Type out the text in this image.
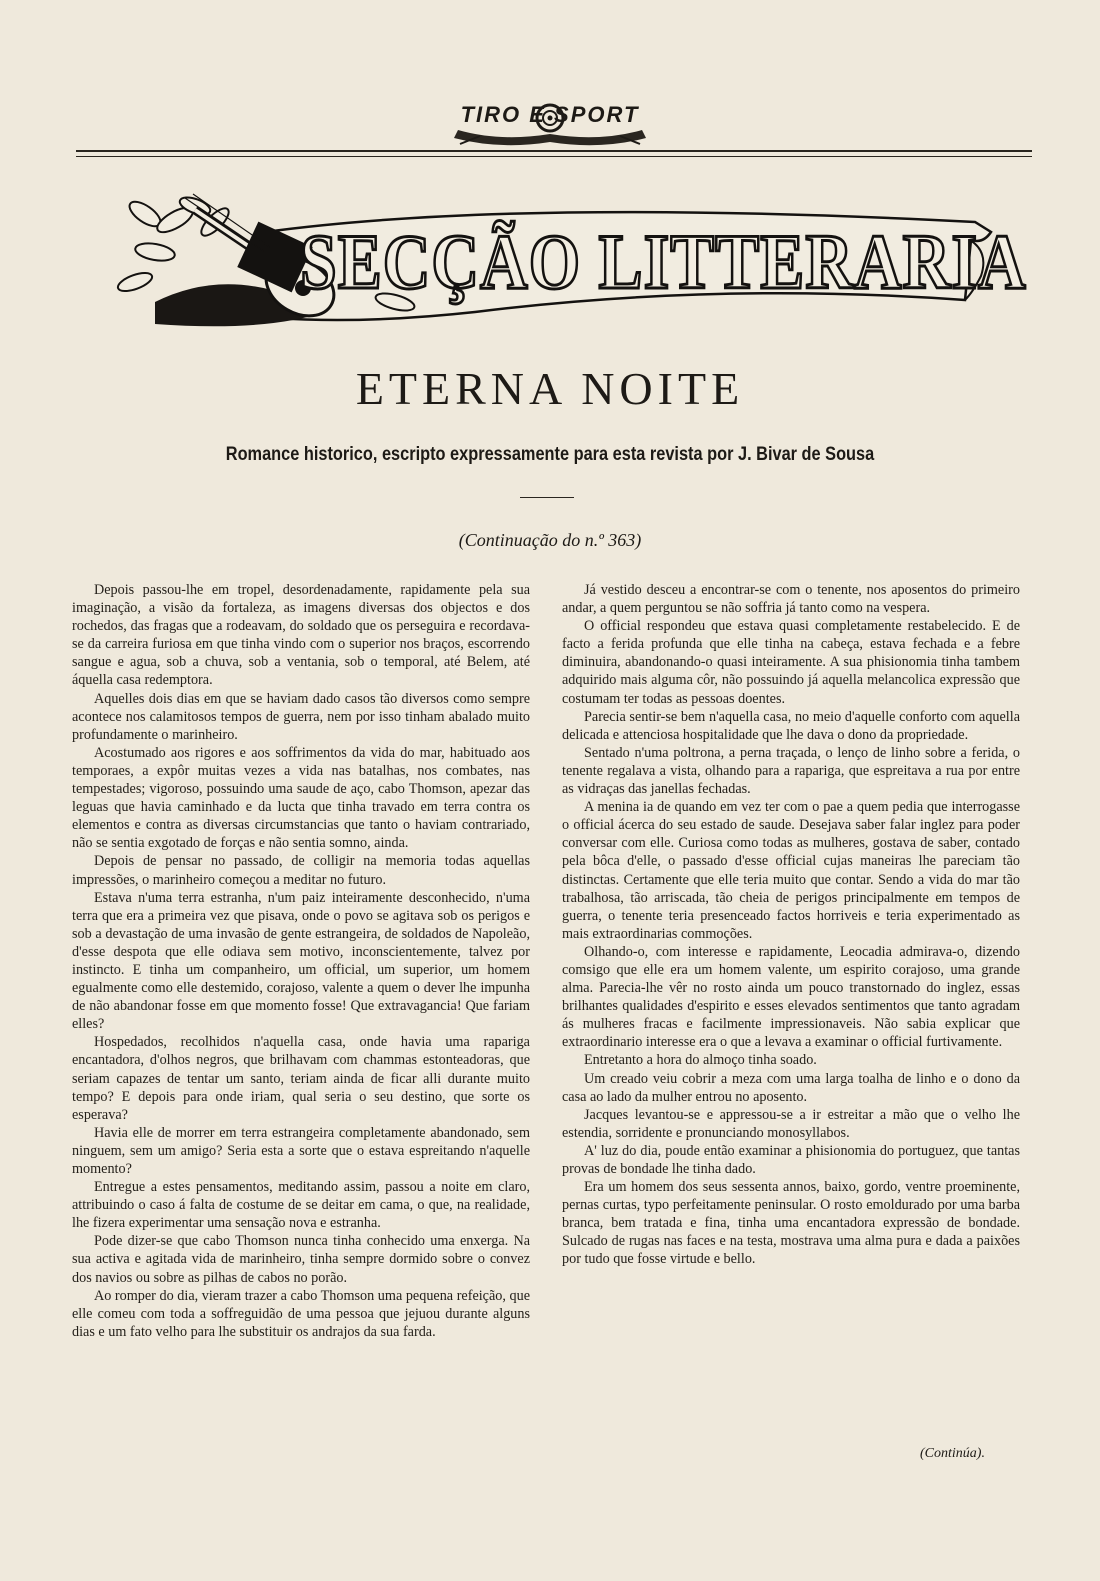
TIRO E SPORT
SECÇÃO LITTERARIA
ETERNA NOITE
Romance historico, escripto expressamente para esta revista por J. Bivar de Sousa
(Continuação do n.º 363)

Depois passou-lhe em tropel, desordenadamente, rapidamente pela sua imaginação, a visão da fortaleza, as imagens diversas dos objectos e dos rochedos, das fragas que a rodeavam, do soldado que os perseguira e recordava-se da carreira furiosa em que tinha vindo com o superior nos braços, escorrendo sangue e agua, sob a chuva, sob a ventania, sob o temporal, até Belem, até áquella casa redemptora.

Aquelles dois dias em que se haviam dado casos tão diversos como sempre acontece nos calamitosos tempos de guerra, nem por isso tinham abalado muito profundamente o marinheiro.

Acostumado aos rigores e aos soffrimentos da vida do mar, habituado aos temporaes, a expôr muitas vezes a vida nas batalhas, nos combates, nas tempestades; vigoroso, possuindo uma saude de aço, cabo Thomson, apezar das leguas que havia caminhado e da lucta que tinha travado em terra contra os elementos e contra as diversas circumstancias que tanto o haviam contrariado, não se sentia exgotado de forças e não sentia somno, ainda.

Depois de pensar no passado, de colligir na memoria todas aquellas impressões, o marinheiro começou a meditar no futuro.

Estava n'uma terra estranha, n'um paiz inteiramente desconhecido, n'uma terra que era a primeira vez que pisava, onde o povo se agitava sob os perigos e sob a devastação de uma invasão de gente estrangeira, de soldados de Napoleão, d'esse despota que elle odiava sem motivo, inconscientemente, talvez por instincto. E tinha um companheiro, um official, um superior, um homem egualmente como elle destemido, corajoso, valente a quem o dever lhe impunha de não abandonar fosse em que momento fosse! Que extravagancia! Que fariam elles?

Hospedados, recolhidos n'aquella casa, onde havia uma rapariga encantadora, d'olhos negros, que brilhavam com chammas estonteadoras, que seriam capazes de tentar um santo, teriam ainda de ficar alli durante muito tempo? E depois para onde iriam, qual seria o seu destino, que sorte os esperava?

Havia elle de morrer em terra estrangeira completamente abandonado, sem ninguem, sem um amigo? Seria esta a sorte que o estava espreitando n'aquelle momento?

Entregue a estes pensamentos, meditando assim, passou a noite em claro, attribuindo o caso á falta de costume de se deitar em cama, o que, na realidade, lhe fizera experimentar uma sensação nova e estranha.

Pode dizer-se que cabo Thomson nunca tinha conhecido uma enxerga. Na sua activa e agitada vida de marinheiro, tinha sempre dormido sobre o convez dos navios ou sobre as pilhas de cabos no porão.

Ao romper do dia, vieram trazer a cabo Thomson uma pequena refeição, que elle comeu com toda a soffreguidão de uma pessoa que jejuou durante alguns dias e um fato velho para lhe substituir os andrajos da sua farda.

Já vestido desceu a encontrar-se com o tenente, nos aposentos do primeiro andar, a quem perguntou se não soffria já tanto como na vespera.

O official respondeu que estava quasi completamente restabelecido. E de facto a ferida profunda que elle tinha na cabeça, estava fechada e a febre diminuira, abandonando-o quasi inteiramente. A sua phisionomia tinha tambem adquirido mais alguma côr, não possuindo já aquella melancolica expressão que costumam ter todas as pessoas doentes.

Parecia sentir-se bem n'aquella casa, no meio d'aquelle conforto com aquella delicada e attenciosa hospitalidade que lhe dava o dono da propriedade.

Sentado n'uma poltrona, a perna traçada, o lenço de linho sobre a ferida, o tenente regalava a vista, olhando para a rapariga, que espreitava a rua por entre as vidraças das janellas fechadas.

A menina ia de quando em vez ter com o pae a quem pedia que interrogasse o official ácerca do seu estado de saude. Desejava saber falar inglez para poder conversar com elle. Curiosa como todas as mulheres, gostava de saber, contado pela bôca d'elle, o passado d'esse official cujas maneiras lhe pareciam tão distinctas. Certamente que elle teria muito que contar. Sendo a vida do mar tão trabalhosa, tão arriscada, tão cheia de perigos principalmente em tempos de guerra, o tenente teria presenceado factos horriveis e teria experimentado as mais extraordinarias commoções.

Olhando-o, com interesse e rapidamente, Leocadia admirava-o, dizendo comsigo que elle era um homem valente, um espirito corajoso, uma grande alma. Parecia-lhe vêr no rosto ainda um pouco transtornado do inglez, essas brilhantes qualidades d'espirito e esses elevados sentimentos que tanto agradam ás mulheres fracas e facilmente impressionaveis. Não sabia explicar que extraordinario interesse era o que a levava a examinar o official furtivamente.

Entretanto a hora do almoço tinha soado.

Um creado veiu cobrir a meza com uma larga toalha de linho e o dono da casa ao lado da mulher entrou no aposento.

Jacques levantou-se e appressou-se a ir estreitar a mão que o velho lhe estendia, sorridente e pronunciando monosyllabos.

A' luz do dia, poude então examinar a phisionomia do portuguez, que tantas provas de bondade lhe tinha dado.

Era um homem dos seus sessenta annos, baixo, gordo, ventre proeminente, pernas curtas, typo perfeitamente peninsular. O rosto emoldurado por uma barba branca, bem tratada e fina, tinha uma encantadora expressão de bondade. Sulcado de rugas nas faces e na testa, mostrava uma alma pura e dada a paixões por tudo que fosse virtude e bello.

(Continúa).
